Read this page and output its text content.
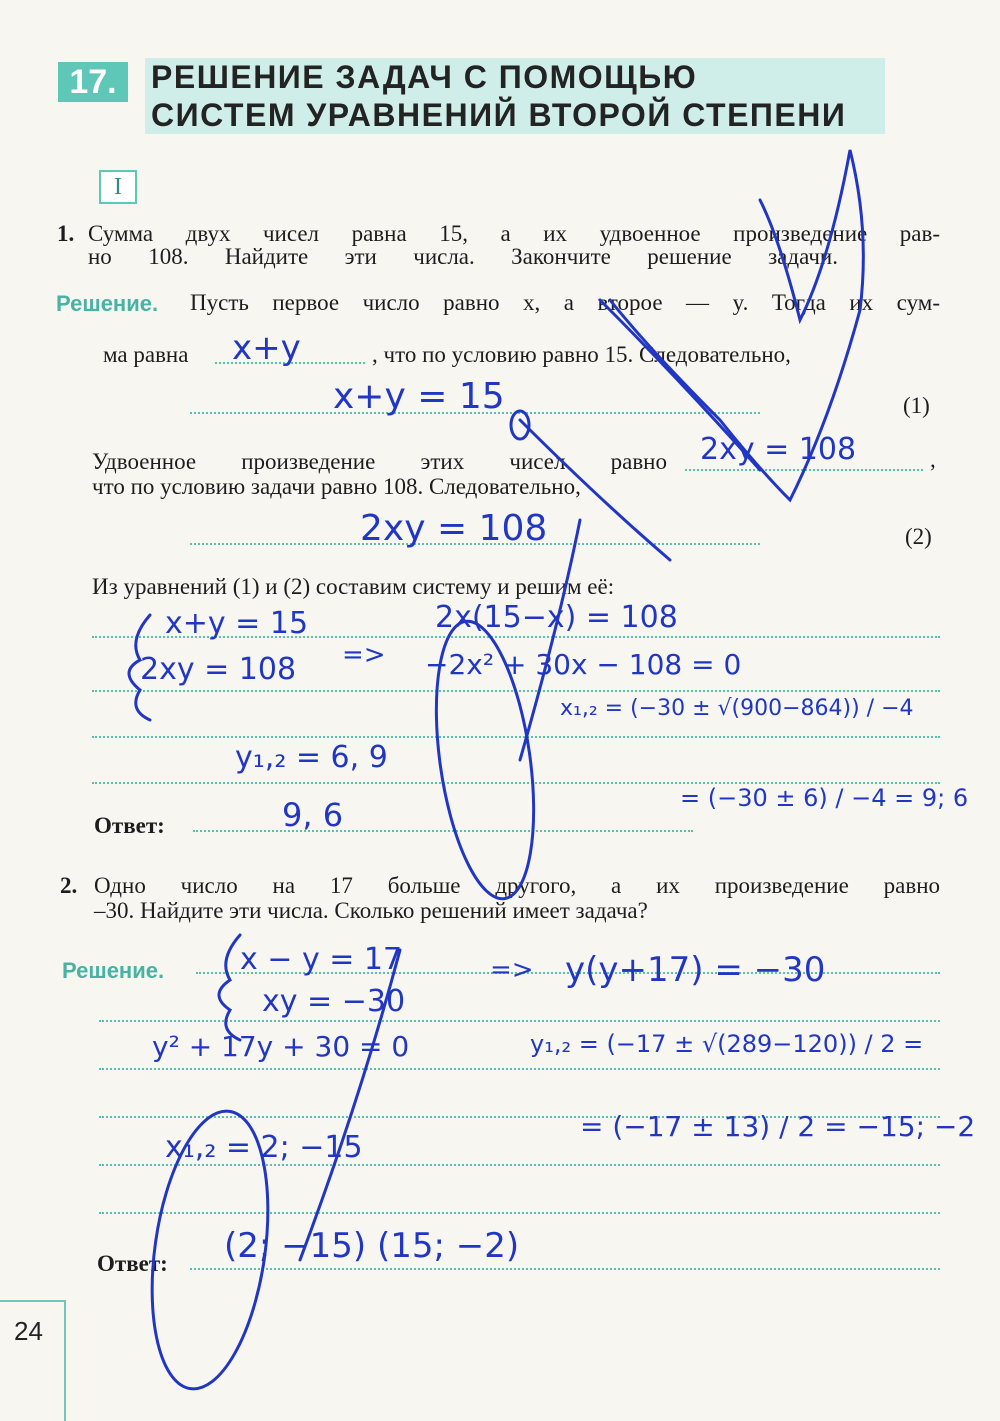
17.	РЕШЕНИЕ ЗАДАЧ С ПОМОЩЬЮ
СИСТЕМ УРАВНЕНИЙ ВТОРОЙ СТЕПЕНИ
I
1. Сумма двух чисел равна 15, а их удвоенное произведение рав-
но 108. Найдите эти числа. Закончите решение задачи.
Решение. Пусть первое число равно x, а второе — y. Тогда их сум-
ма равна	, что по условию равно 15. Следовательно,
(1)
Удвоенное произведение этих чисел равно	,
что по условию задачи равно 108. Следовательно,
(2)
Из уравнений (1) и (2) составим систему и решим её:
Ответ:
2. Одно число на 17 больше другого, а их произведение равно
–30. Найдите эти числа. Сколько решений имеет задача?
Решение.
Ответ:
24
x+y
x+y = 15
2xy = 108
2xy = 108
x+y = 15
2xy = 108 =>
2x(15−x) = 108
−2x² + 30x − 108 = 0
x₁,₂ = (−30 ± √(900−864)) / −4
y₁,₂ = 6, 9
= (−30 ± 6) / −4 = 9; 6
9, 6
x − y = 17
xy = −30
=> y(y+17) = −30
y² + 17y + 30 = 0	y₁,₂ = (−17 ± √(289−120)) / 2 =
= (−17 ± 13) / 2 = −15; −2
x₁,₂ = 2; −15
(2; −15) (15; −2)
